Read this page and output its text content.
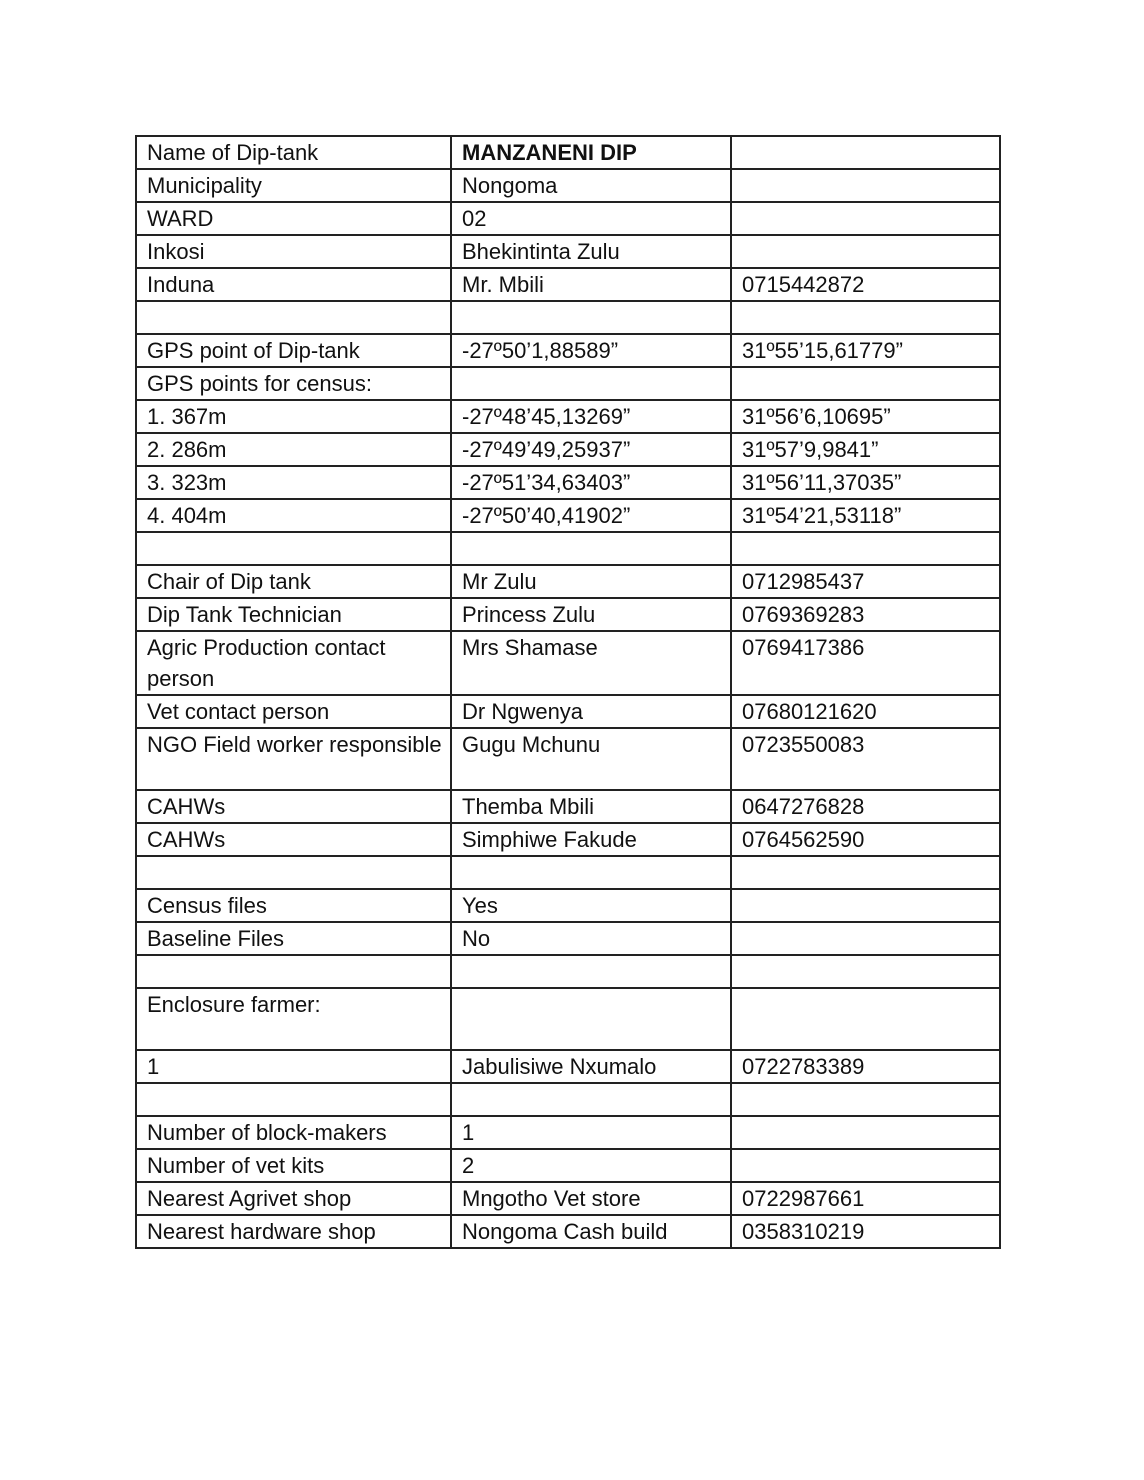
Name of Dip-tank	MANZANENI DIP	
Municipality	Nongoma	
WARD	02	
Inkosi	Bhekintinta Zulu	
Induna	Mr. Mbili	0715442872

GPS point of Dip-tank	-27º50’1,88589”	31º55’15,61779”
GPS points for census:		
1. 367m	-27º48’45,13269”	31º56’6,10695”
2. 286m	-27º49’49,25937”	31º57’9,9841”
3. 323m	-27º51’34,63403”	31º56’11,37035”
4. 404m	-27º50’40,41902”	31º54’21,53118”

Chair of Dip tank	Mr Zulu	0712985437
Dip Tank Technician	Princess Zulu	0769369283
Agric Production contact person	Mrs Shamase	0769417386
Vet contact person	Dr Ngwenya	07680121620
NGO Field worker responsible	Gugu Mchunu	0723550083
CAHWs	Themba Mbili	0647276828
CAHWs	Simphiwe Fakude	0764562590

Census files	Yes	
Baseline Files	No	

Enclosure farmer:		
1	Jabulisiwe Nxumalo	0722783389

Number of block-makers	1	
Number of vet kits	2	
Nearest Agrivet shop	Mngotho Vet store	0722987661
Nearest hardware shop	Nongoma Cash build	0358310219
